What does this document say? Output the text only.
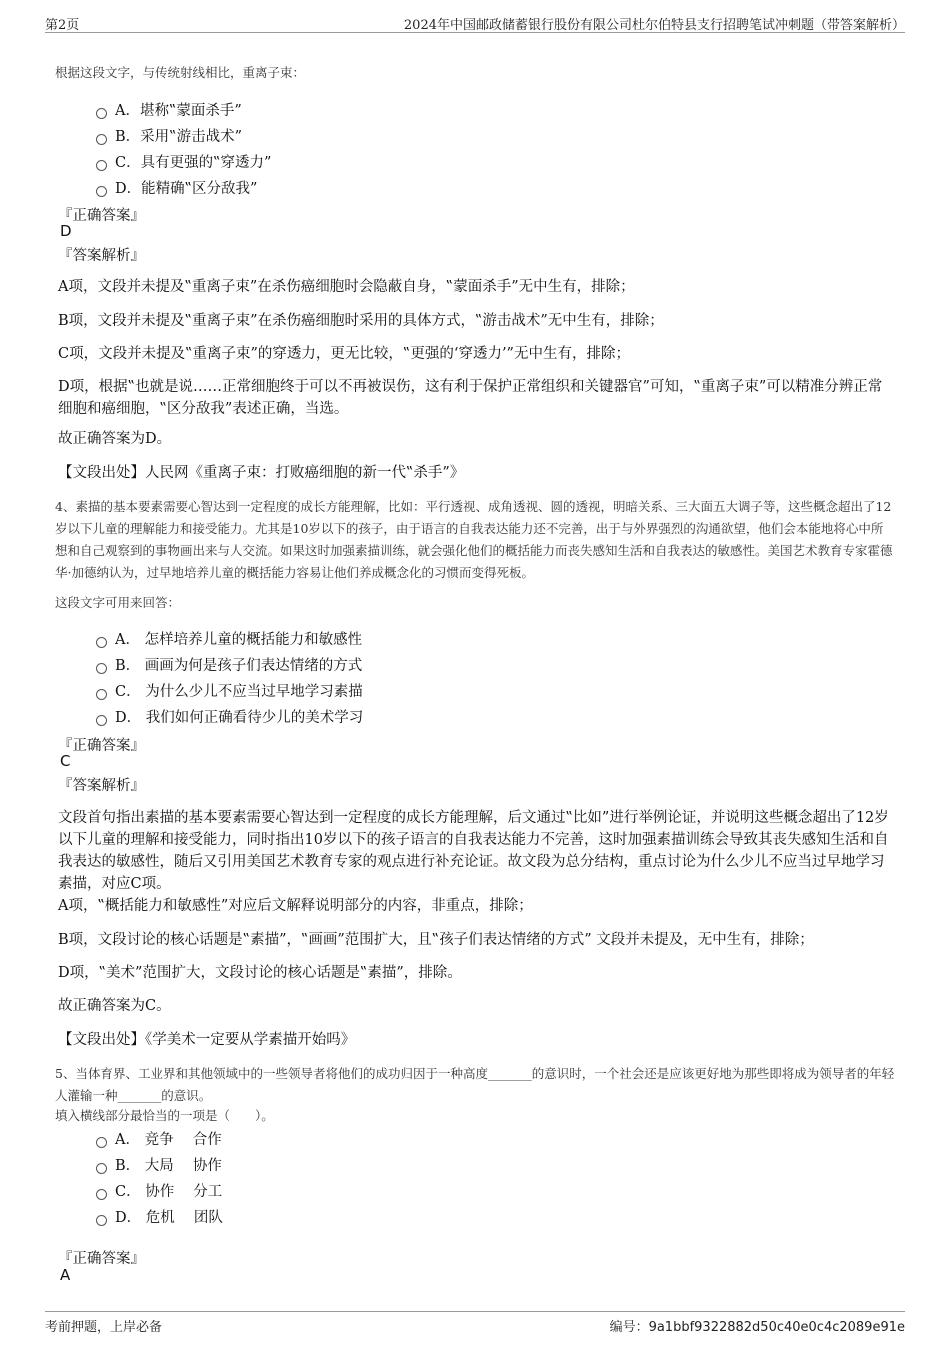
第2页	2024年中国邮政储蓄银行股份有限公司杜尔伯特县支行招聘笔试冲刺题（带答案解析）
根据这段文字，与传统射线相比，重离子束：
A．堪称‟蒙面杀手”
B．采用‟游击战术”
C．具有更强的‟穿透力”
D．能精确‟区分敌我”
『正确答案』
D
『答案解析』
A项，文段并未提及‟重离子束”在杀伤癌细胞时会隐蔽自身，‟蒙面杀手”无中生有，排除；
B项，文段并未提及‟重离子束”在杀伤癌细胞时采用的具体方式，‟游击战术”无中生有，排除；
C项，文段并未提及‟重离子束”的穿透力，更无比较，‟更强的‘穿透力’”无中生有，排除；
D项，根据‟也就是说……正常细胞终于可以不再被误伤，这有利于保护正常组织和关键器官”可知，‟重离子束”可以精准分辨正常细胞和癌细胞，‟区分敌我”表述正确，当选。
故正确答案为D。
【文段出处】人民网《重离子束：打败癌细胞的新一代‟杀手”》
4、素描的基本要素需要心智达到一定程度的成长方能理解，比如：平行透视、成角透视、圆的透视，明暗关系、三大面五大调子等，这些概念超出了12岁以下儿童的理解能力和接受能力。尤其是10岁以下的孩子，由于语言的自我表达能力还不完善，出于与外界强烈的沟通欲望，他们会本能地将心中所想和自己观察到的事物画出来与人交流。如果这时加强素描训练，就会强化他们的概括能力而丧失感知生活和自我表达的敏感性。美国艺术教育专家霍德华·加德纳认为，过早地培养儿童的概括能力容易让他们养成概念化的习惯而变得死板。
这段文字可用来回答：
A． 怎样培养儿童的概括能力和敏感性
B． 画画为何是孩子们表达情绪的方式
C． 为什么少儿不应当过早地学习素描
D． 我们如何正确看待少儿的美术学习
『正确答案』
C
『答案解析』
文段首句指出素描的基本要素需要心智达到一定程度的成长方能理解，后文通过‟比如”进行举例论证，并说明这些概念超出了12岁以下儿童的理解和接受能力，同时指出10岁以下的孩子语言的自我表达能力不完善，这时加强素描训练会导致其丧失感知生活和自我表达的敏感性，随后又引用美国艺术教育专家的观点进行补充论证。故文段为总分结构，重点讨论为什么少儿不应当过早地学习素描，对应C项。
A项，‟概括能力和敏感性”对应后文解释说明部分的内容，非重点，排除；
B项，文段讨论的核心话题是‟素描”，‟画画”范围扩大，且‟孩子们表达情绪的方式” 文段并未提及，无中生有，排除；
D项，‟美术”范围扩大，文段讨论的核心话题是‟素描”，排除。
故正确答案为C。
【文段出处】《学美术一定要从学素描开始吗》
5、当体育界、工业界和其他领域中的一些领导者将他们的成功归因于一种高度_______的意识时，一个社会还是应该更好地为那些即将成为领导者的年轻人灌输一种_______的意识。
填入横线部分最恰当的一项是（　　）。
A． 竞争　 合作
B． 大局　 协作
C． 协作　 分工
D． 危机　 团队
『正确答案』
A
考前押题，上岸必备	编号：9a1bbf9322882d50c40e0c4c2089e91e
